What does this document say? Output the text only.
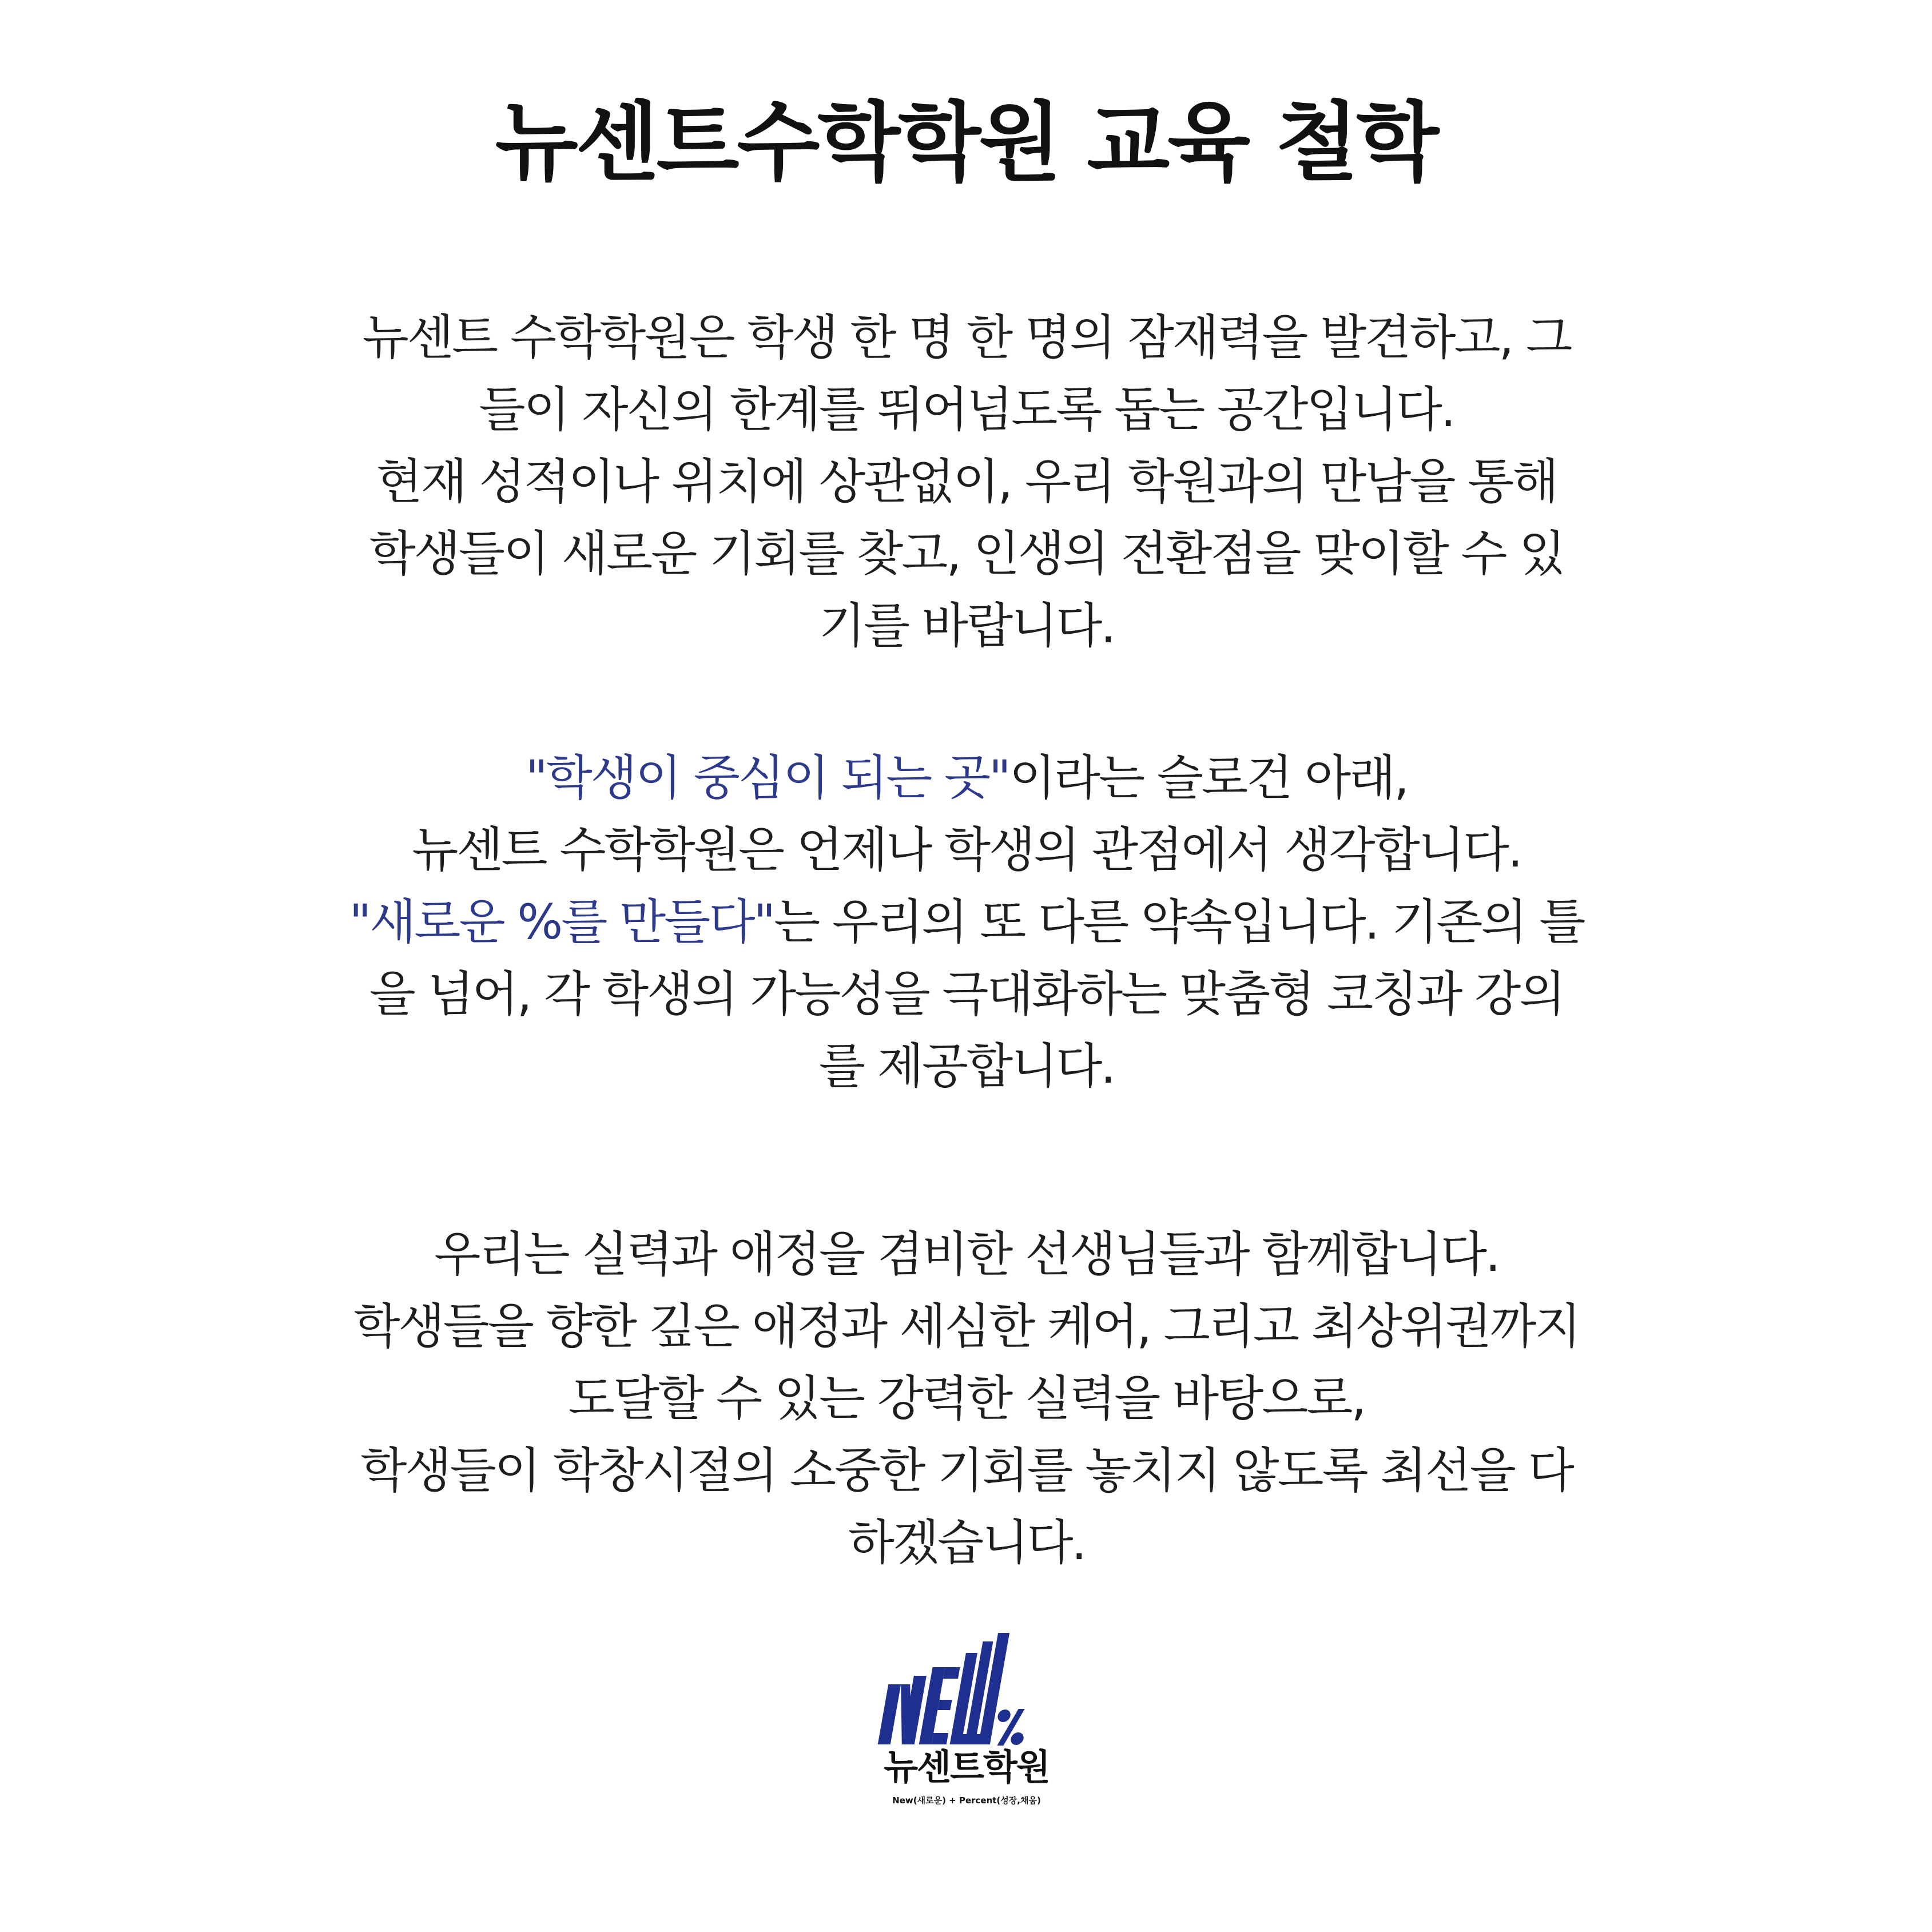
뉴센트수학학원 교육 철학
뉴센트 수학학원은 학생 한 명 한 명의 잠재력을 발견하고, 그
들이 자신의 한계를 뛰어넘도록 돕는 공간입니다.
현재 성적이나 위치에 상관없이, 우리 학원과의 만남을 통해
학생들이 새로운 기회를 찾고, 인생의 전환점을 맞이할 수 있
기를 바랍니다.
"학생이 중심이 되는 곳"이라는 슬로건 아래,
뉴센트 수학학원은 언제나 학생의 관점에서 생각합니다.
"새로운 %를 만들다"는 우리의 또 다른 약속입니다. 기존의 틀
을 넘어, 각 학생의 가능성을 극대화하는 맞춤형 코칭과 강의
를 제공합니다.
우리는 실력과 애정을 겸비한 선생님들과 함께합니다.
학생들을 향한 깊은 애정과 세심한 케어, 그리고 최상위권까지
도달할 수 있는 강력한 실력을 바탕으로,
학생들이 학창시절의 소중한 기회를 놓치지 않도록 최선을 다
하겠습니다.
뉴센트학원
New(새로운) + Percent(성장,채움)
